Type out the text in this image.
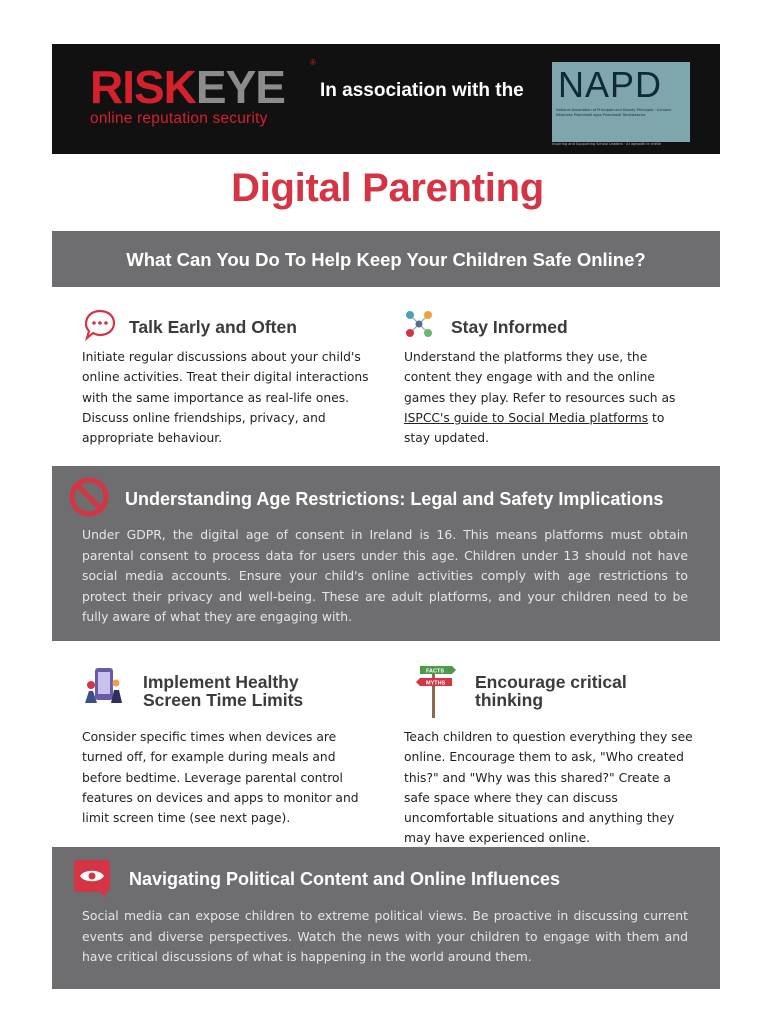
RISKEYE	®
online reputation security
In association with the NAPD
National Association of Principals and Deputy Principals · Cumann Náisiúnta Príomhoidí agus Príomhoidí Tánaisteacha
Inspiring and Supporting School Leaders · Ar aghaidh le chéile
Digital Parenting
What Can You Do To Help Keep Your Children Safe Online?
Talk Early and Often
Initiate regular discussions about your child's online activities. Treat their digital interactions with the same importance as real-life ones. Discuss online friendships, privacy, and appropriate behaviour.
Stay Informed
Understand the platforms they use, the content they engage with and the online games they play. Refer to resources such as ISPCC's guide to Social Media platforms to stay updated.
Understanding Age Restrictions: Legal and Safety Implications
Under GDPR, the digital age of consent in Ireland is 16. This means platforms must obtain parental consent to process data for users under this age. Children under 13 should not have social media accounts. Ensure your child's online activities comply with age restrictions to protect their privacy and well-being. These are adult platforms, and your children need to be fully aware of what they are engaging with.
Implement Healthy
Screen Time Limits
Consider specific times when devices are turned off, for example during meals and before bedtime. Leverage parental control features on devices and apps to monitor and limit screen time (see next page).
FACTS
MYTHS Encourage critical
thinking
Teach children to question everything they see online. Encourage them to ask, "Who created this?" and "Why was this shared?" Create a safe space where they can discuss uncomfortable situations and anything they may have experienced online.
Navigating Political Content and Online Influences
Social media can expose children to extreme political views. Be proactive in discussing current events and diverse perspectives. Watch the news with your children to engage with them and have critical discussions of what is happening in the world around them.
